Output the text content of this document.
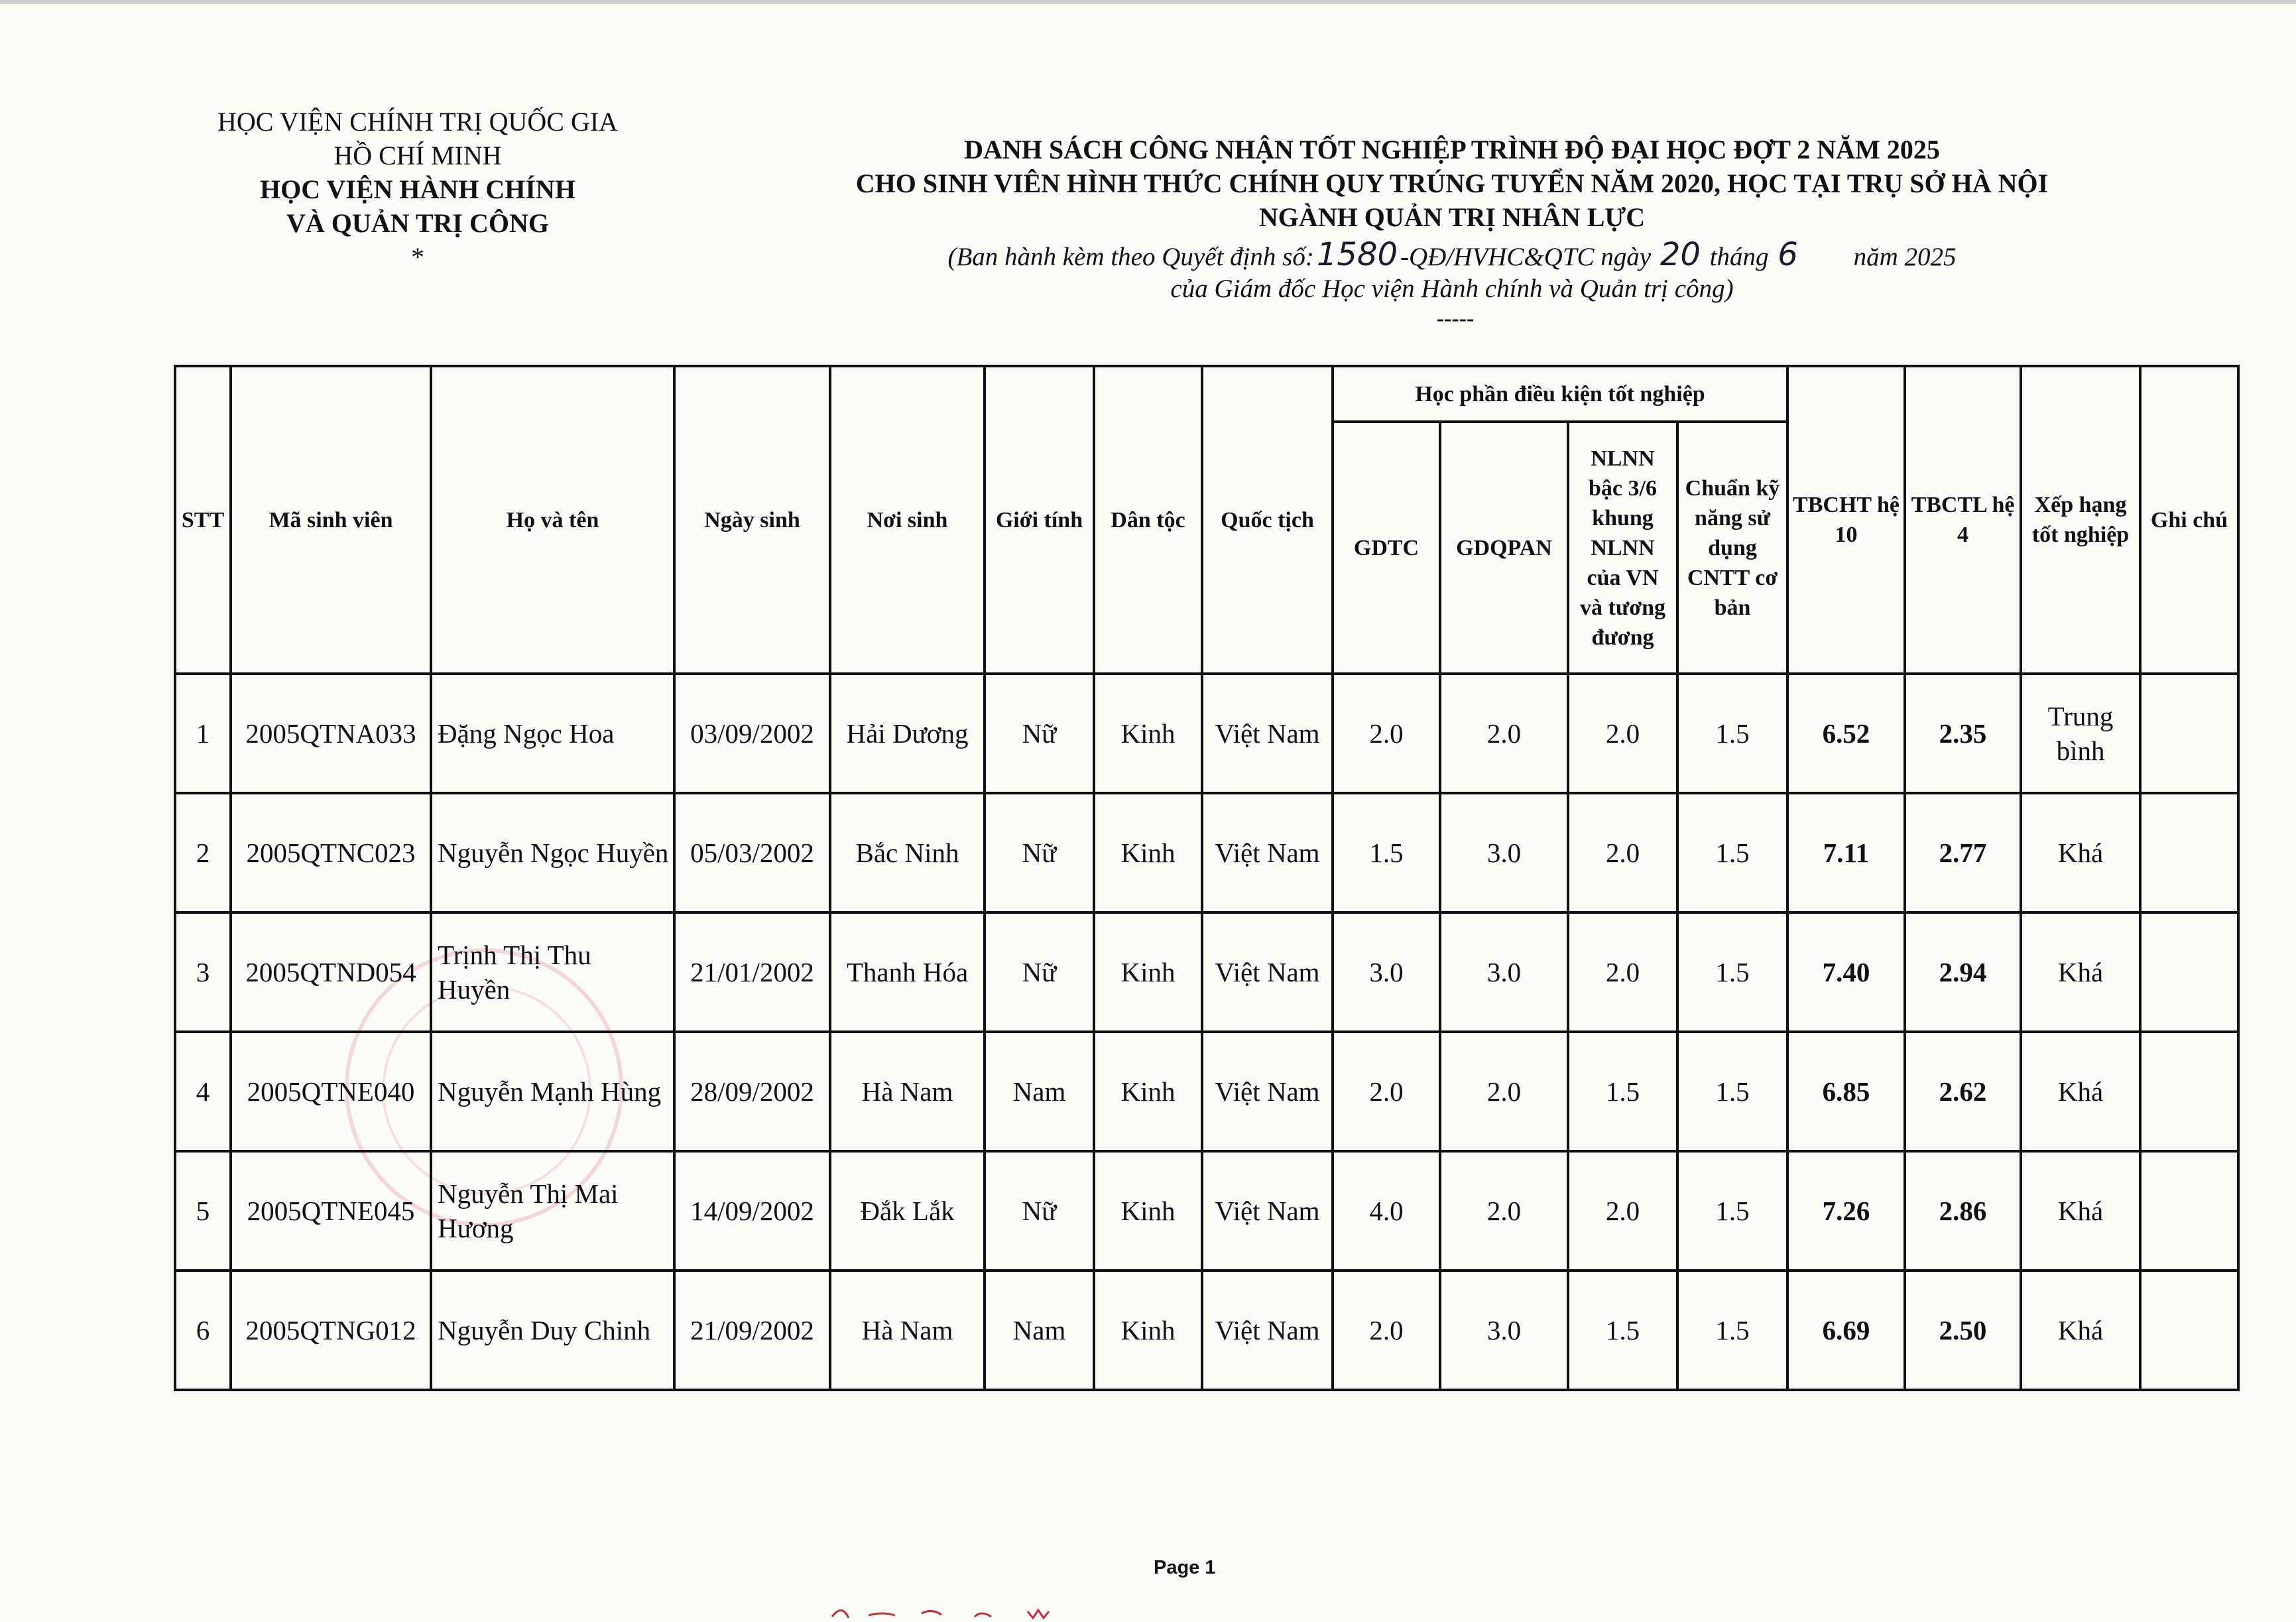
HỌC VIỆN CHÍNH TRỊ QUỐC GIA
HỒ CHÍ MINH
HỌC VIỆN HÀNH CHÍNH
VÀ QUẢN TRỊ CÔNG
*
DANH SÁCH CÔNG NHẬN TỐT NGHIỆP TRÌNH ĐỘ ĐẠI HỌC ĐỢT 2 NĂM 2025
CHO SINH VIÊN HÌNH THỨC CHÍNH QUY TRÚNG TUYỂN NĂM 2020, HỌC TẠI TRỤ SỞ HÀ NỘI
NGÀNH QUẢN TRỊ NHÂN LỰC
(Ban hành kèm theo Quyết định số:1580 -QĐ/HVHC&QTC ngày 20 tháng 6 năm 2025
của Giám đốc Học viện Hành chính và Quản trị công)
-----
STT	Mã sinh viên	Họ và tên	Ngày sinh	Nơi sinh	Giới tính	Dân tộc	Quốc tịch	Học phần điều kiện tốt nghiệp				TBCHT hệ 10	TBCTL hệ 4	Xếp hạng tốt nghiệp	Ghi chú
								GDTC	GDQPAN	NLNN bậc 3/6 khung NLNN của VN và tương đương	Chuẩn kỹ năng sử dụng CNTT cơ bản				
1	2005QTNA033	Đặng Ngọc Hoa	03/09/2002	Hải Dương	Nữ	Kinh	Việt Nam	2.0	2.0	2.0	1.5	6.52	2.35	Trung bình	
2	2005QTNC023	Nguyễn Ngọc Huyền	05/03/2002	Bắc Ninh	Nữ	Kinh	Việt Nam	1.5	3.0	2.0	1.5	7.11	2.77	Khá	
3	2005QTND054	Trịnh Thị Thu Huyền	21/01/2002	Thanh Hóa	Nữ	Kinh	Việt Nam	3.0	3.0	2.0	1.5	7.40	2.94	Khá	
4	2005QTNE040	Nguyễn Mạnh Hùng	28/09/2002	Hà Nam	Nam	Kinh	Việt Nam	2.0	2.0	1.5	1.5	6.85	2.62	Khá	
5	2005QTNE045	Nguyễn Thị Mai Hương	14/09/2002	Đắk Lắk	Nữ	Kinh	Việt Nam	4.0	2.0	2.0	1.5	7.26	2.86	Khá	
6	2005QTNG012	Nguyễn Duy Chinh	21/09/2002	Hà Nam	Nam	Kinh	Việt Nam	2.0	3.0	1.5	1.5	6.69	2.50	Khá	
Page 1
